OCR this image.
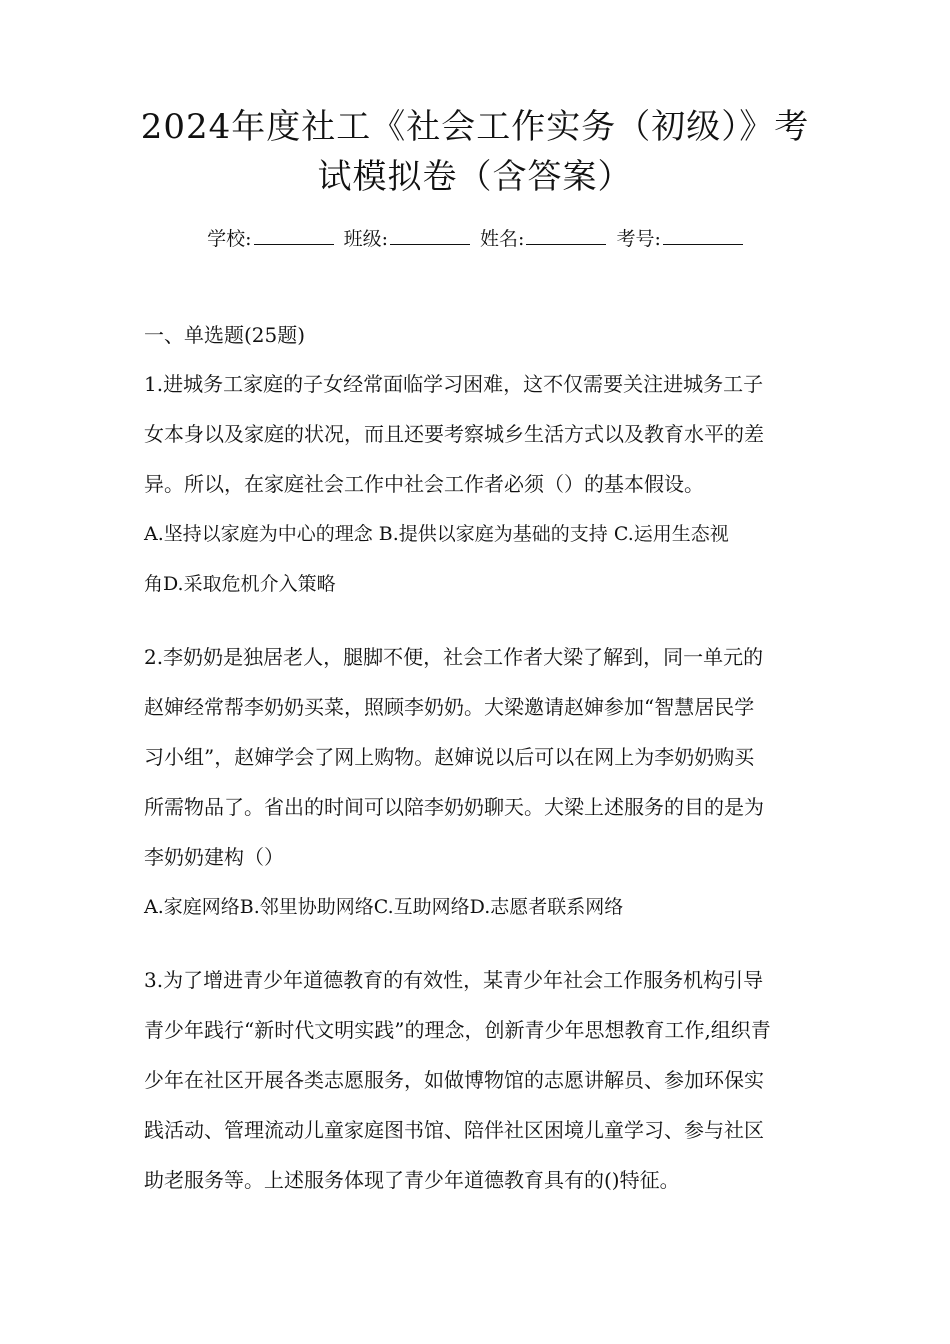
2024年度社工《社会工作实务（初级）》考
试模拟卷（含答案）
学校:	班级:	姓名:	考号:
一、单选题(25题)
1.进城务工家庭的子女经常面临学习困难，这不仅需要关注进城务工子
女本身以及家庭的状况，而且还要考察城乡生活方式以及教育水平的差
异。所以，在家庭社会工作中社会工作者必须（）的基本假设。
A.坚持以家庭为中心的理念 B.提供以家庭为基础的支持 C.运用生态视
角D.采取危机介入策略
2.李奶奶是独居老人，腿脚不便，社会工作者大梁了解到，同一单元的
赵婶经常帮李奶奶买菜，照顾李奶奶。大梁邀请赵婶参加“智慧居民学
习小组”，赵婶学会了网上购物。赵婶说以后可以在网上为李奶奶购买
所需物品了。省出的时间可以陪李奶奶聊天。大梁上述服务的目的是为
李奶奶建构（）
A.家庭网络B.邻里协助网络C.互助网络D.志愿者联系网络
3.为了增进青少年道德教育的有效性，某青少年社会工作服务机构引导
青少年践行“新时代文明实践”的理念，创新青少年思想教育工作,组织青
少年在社区开展各类志愿服务，如做博物馆的志愿讲解员、参加环保实
践活动、管理流动儿童家庭图书馆、陪伴社区困境儿童学习、参与社区
助老服务等。上述服务体现了青少年道德教育具有的()特征。
